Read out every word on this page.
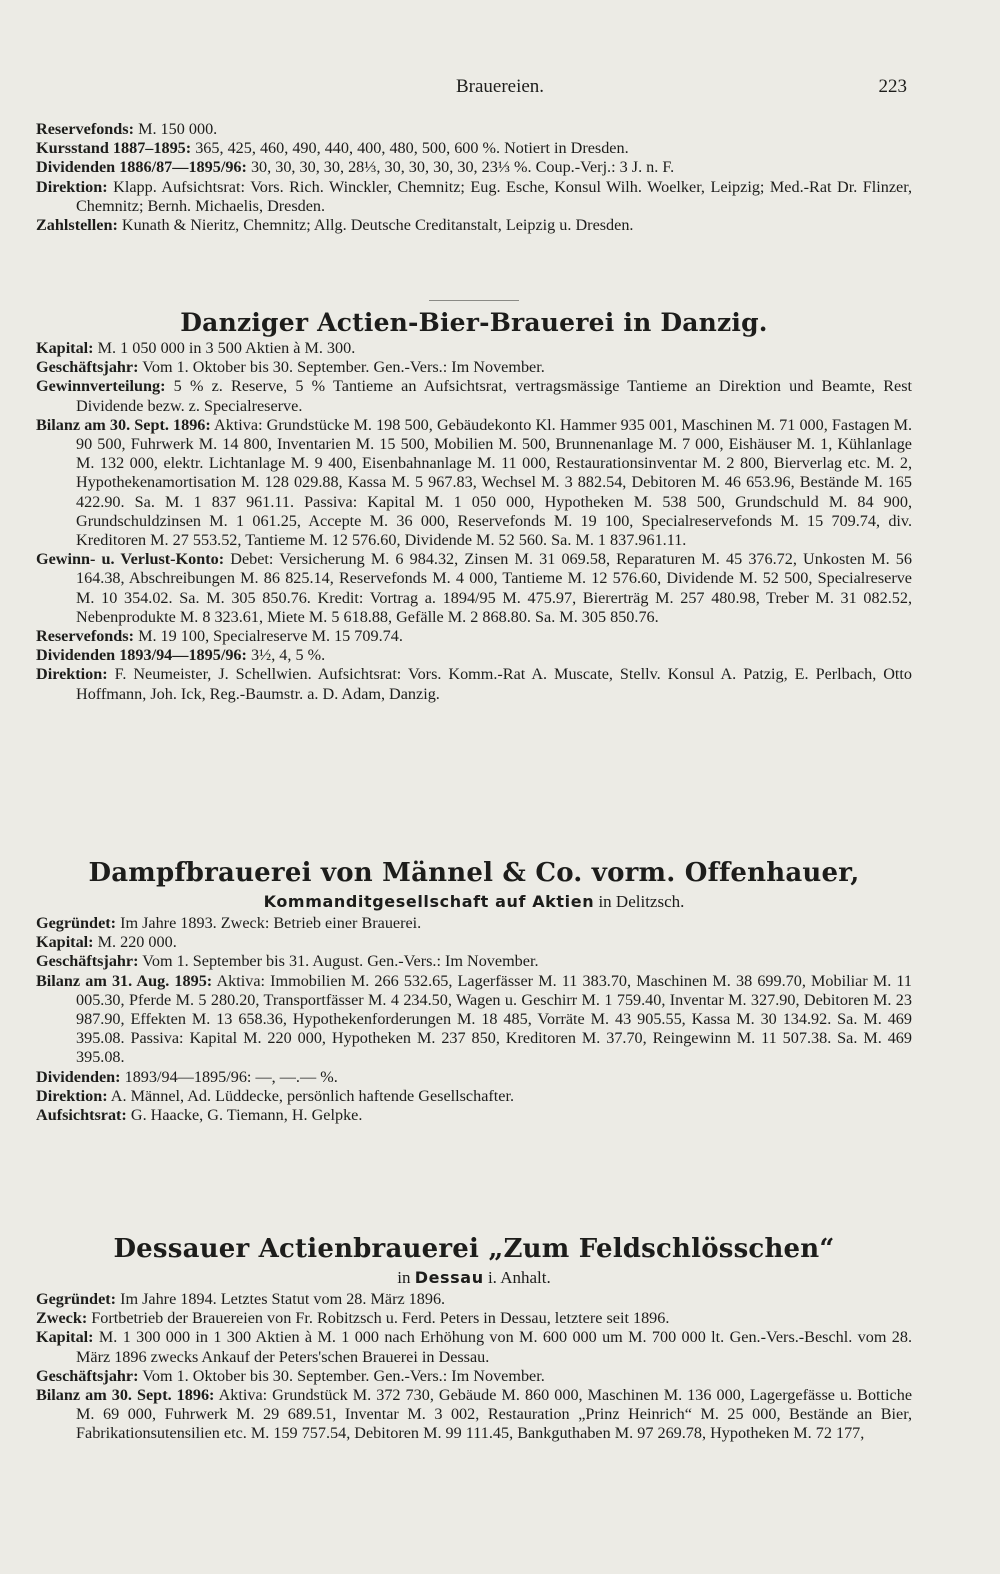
Brauereien.	223

Reservefonds: M. 150 000.

Kursstand 1887–1895: 365, 425, 460, 490, 440, 400, 480, 500, 600 %. Notiert in Dresden.

Dividenden 1886/87—1895/96: 30, 30, 30, 30, 28⅓, 30, 30, 30, 30, 23⅓ %. Coup.-Verj.: 3 J. n. F.

Direktion: Klapp. Aufsichtsrat: Vors. Rich. Winckler, Chemnitz; Eug. Esche, Konsul Wilh. Woelker, Leipzig; Med.-Rat Dr. Flinzer, Chemnitz; Bernh. Michaelis, Dresden.

Zahlstellen: Kunath & Nieritz, Chemnitz; Allg. Deutsche Creditanstalt, Leipzig u. Dresden.

Danziger Actien-Bier-Brauerei in Danzig.

Kapital: M. 1 050 000 in 3 500 Aktien à M. 300.

Geschäftsjahr: Vom 1. Oktober bis 30. September. Gen.-Vers.: Im November.

Gewinnverteilung: 5 % z. Reserve, 5 % Tantieme an Aufsichtsrat, vertragsmässige Tantieme an Direktion und Beamte, Rest Dividende bezw. z. Specialreserve.

Bilanz am 30. Sept. 1896: Aktiva: Grundstücke M. 198 500, Gebäudekonto Kl. Hammer 935 001, Maschinen M. 71 000, Fastagen M. 90 500, Fuhrwerk M. 14 800, Inventarien M. 15 500, Mobilien M. 500, Brunnenanlage M. 7 000, Eishäuser M. 1, Kühlanlage M. 132 000, elektr. Lichtanlage M. 9 400, Eisenbahnanlage M. 11 000, Restaurationsinventar M. 2 800, Bierverlag etc. M. 2, Hypothekenamortisation M. 128 029.88, Kassa M. 5 967.83, Wechsel M. 3 882.54, Debitoren M. 46 653.96, Bestände M. 165 422.90. Sa. M. 1 837 961.11. Passiva: Kapital M. 1 050 000, Hypotheken M. 538 500, Grundschuld M. 84 900, Grundschuldzinsen M. 1 061.25, Accepte M. 36 000, Reservefonds M. 19 100, Specialreservefonds M. 15 709.74, div. Kreditoren M. 27 553.52, Tantieme M. 12 576.60, Dividende M. 52 560. Sa. M. 1 837.961.11.

Gewinn- u. Verlust-Konto: Debet: Versicherung M. 6 984.32, Zinsen M. 31 069.58, Reparaturen M. 45 376.72, Unkosten M. 56 164.38, Abschreibungen M. 86 825.14, Reservefonds M. 4 000, Tantieme M. 12 576.60, Dividende M. 52 500, Specialreserve M. 10 354.02. Sa. M. 305 850.76. Kredit: Vortrag a. 1894/95 M. 475.97, Biererträg M. 257 480.98, Treber M. 31 082.52, Nebenprodukte M. 8 323.61, Miete M. 5 618.88, Gefälle M. 2 868.80. Sa. M. 305 850.76.

Reservefonds: M. 19 100, Specialreserve M. 15 709.74.

Dividenden 1893/94—1895/96: 3½, 4, 5 %.

Direktion: F. Neumeister, J. Schellwien. Aufsichtsrat: Vors. Komm.-Rat A. Muscate, Stellv. Konsul A. Patzig, E. Perlbach, Otto Hoffmann, Joh. Ick, Reg.-Baumstr. a. D. Adam, Danzig.

Dampfbrauerei von Männel & Co. vorm. Offenhauer,

Kommanditgesellschaft auf Aktien in Delitzsch.

Gegründet: Im Jahre 1893. Zweck: Betrieb einer Brauerei.

Kapital: M. 220 000.

Geschäftsjahr: Vom 1. September bis 31. August. Gen.-Vers.: Im November.

Bilanz am 31. Aug. 1895: Aktiva: Immobilien M. 266 532.65, Lagerfässer M. 11 383.70, Maschinen M. 38 699.70, Mobiliar M. 11 005.30, Pferde M. 5 280.20, Transportfässer M. 4 234.50, Wagen u. Geschirr M. 1 759.40, Inventar M. 327.90, Debitoren M. 23 987.90, Effekten M. 13 658.36, Hypothekenforderungen M. 18 485, Vorräte M. 43 905.55, Kassa M. 30 134.92. Sa. M. 469 395.08. Passiva: Kapital M. 220 000, Hypotheken M. 237 850, Kreditoren M. 37.70, Reingewinn M. 11 507.38. Sa. M. 469 395.08.

Dividenden: 1893/94—1895/96: —, —.— %.

Direktion: A. Männel, Ad. Lüddecke, persönlich haftende Gesellschafter.

Aufsichtsrat: G. Haacke, G. Tiemann, H. Gelpke.

Dessauer Actienbrauerei „Zum Feldschlösschen“

in Dessau i. Anhalt.

Gegründet: Im Jahre 1894. Letztes Statut vom 28. März 1896.

Zweck: Fortbetrieb der Brauereien von Fr. Robitzsch u. Ferd. Peters in Dessau, letztere seit 1896.

Kapital: M. 1 300 000 in 1 300 Aktien à M. 1 000 nach Erhöhung von M. 600 000 um M. 700 000 lt. Gen.-Vers.-Beschl. vom 28. März 1896 zwecks Ankauf der Peters'schen Brauerei in Dessau.

Geschäftsjahr: Vom 1. Oktober bis 30. September. Gen.-Vers.: Im November.

Bilanz am 30. Sept. 1896: Aktiva: Grundstück M. 372 730, Gebäude M. 860 000, Maschinen M. 136 000, Lagergefässe u. Bottiche M. 69 000, Fuhrwerk M. 29 689.51, Inventar M. 3 002, Restauration „Prinz Heinrich“ M. 25 000, Bestände an Bier, Fabrikationsutensilien etc. M. 159 757.54, Debitoren M. 99 111.45, Bankguthaben M. 97 269.78, Hypotheken M. 72 177,
